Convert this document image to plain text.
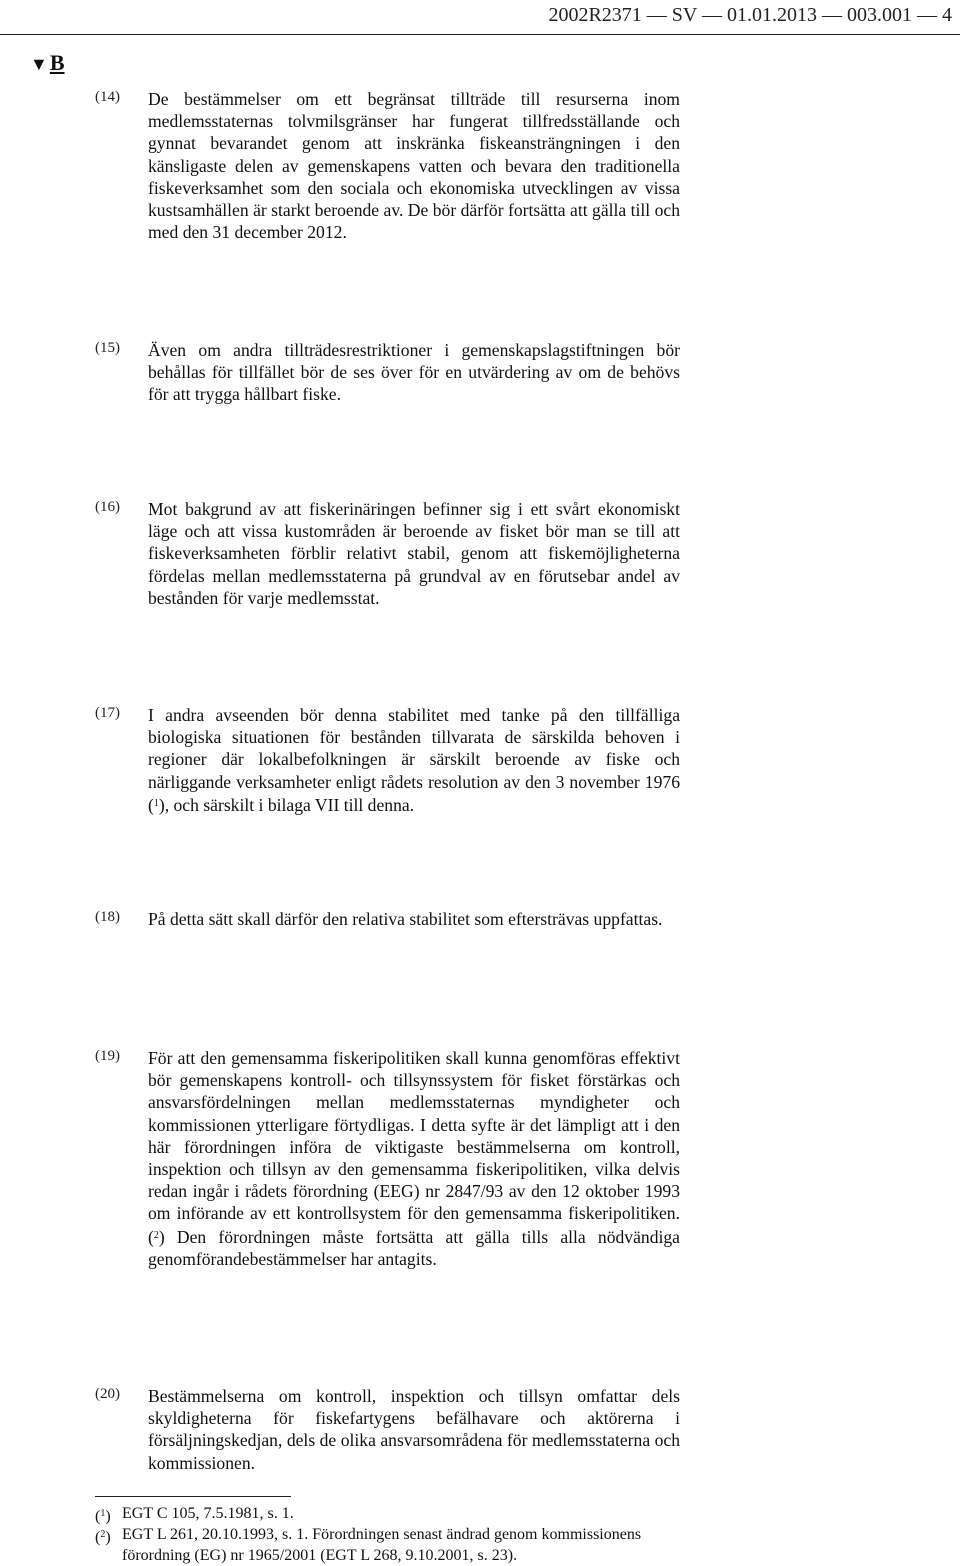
2002R2371 — SV — 01.01.2013 — 003.001 — 4
▼B
(14) De bestämmelser om ett begränsat tillträde till resurserna inom medlemsstaternas tolvmilsgränser har fungerat tillfredsställande och gynnat bevarandet genom att inskränka fiskeansträngningen i den känsligaste delen av gemenskapens vatten och bevara den traditionella fiskeverksamhet som den sociala och ekonomiska utvecklingen av vissa kustsamhällen är starkt beroende av. De bör därför fortsätta att gälla till och med den 31 december 2012.
(15) Även om andra tillträdesrestriktioner i gemenskapslagstiftningen bör behållas för tillfället bör de ses över för en utvärdering av om de behövs för att trygga hållbart fiske.
(16) Mot bakgrund av att fiskerinäringen befinner sig i ett svårt ekonomiskt läge och att vissa kustområden är beroende av fisket bör man se till att fiskeverksamheten förblir relativt stabil, genom att fiskemöjligheterna fördelas mellan medlemsstaterna på grundval av en förutsebar andel av bestånden för varje medlemsstat.
(17) I andra avseenden bör denna stabilitet med tanke på den tillfälliga biologiska situationen för bestånden tillvarata de särskilda behoven i regioner där lokalbefolkningen är särskilt beroende av fiske och närliggande verksamheter enligt rådets resolution av den 3 november 1976 ($^1$), och särskilt i bilaga VII till denna.
(18) På detta sätt skall därför den relativa stabilitet som eftersträvas uppfattas.
(19) För att den gemensamma fiskeripolitiken skall kunna genomföras effektivt bör gemenskapens kontroll- och tillsynssystem för fisket förstärkas och ansvarsfördelningen mellan medlemsstaternas myndigheter och kommissionen ytterligare förtydligas. I detta syfte är det lämpligt att i den här förordningen införa de viktigaste bestämmelserna om kontroll, inspektion och tillsyn av den gemensamma fiskeripolitiken, vilka delvis redan ingår i rådets förordning (EEG) nr 2847/93 av den 12 oktober 1993 om införande av ett kontrollsystem för den gemensamma fiskeripolitiken. ($^2$) Den förordningen måste fortsätta att gälla tills alla nödvändiga genomförandebestämmelser har antagits.
(20) Bestämmelserna om kontroll, inspektion och tillsyn omfattar dels skyldigheterna för fiskefartygens befälhavare och aktörerna i försäljningskedjan, dels de olika ansvarsområdena för medlemsstaterna och kommissionen.
($^1$) EGT C 105, 7.5.1981, s. 1.
($^2$) EGT L 261, 20.10.1993, s. 1. Förordningen senast ändrad genom kommissionens förordning (EG) nr 1965/2001 (EGT L 268, 9.10.2001, s. 23).
